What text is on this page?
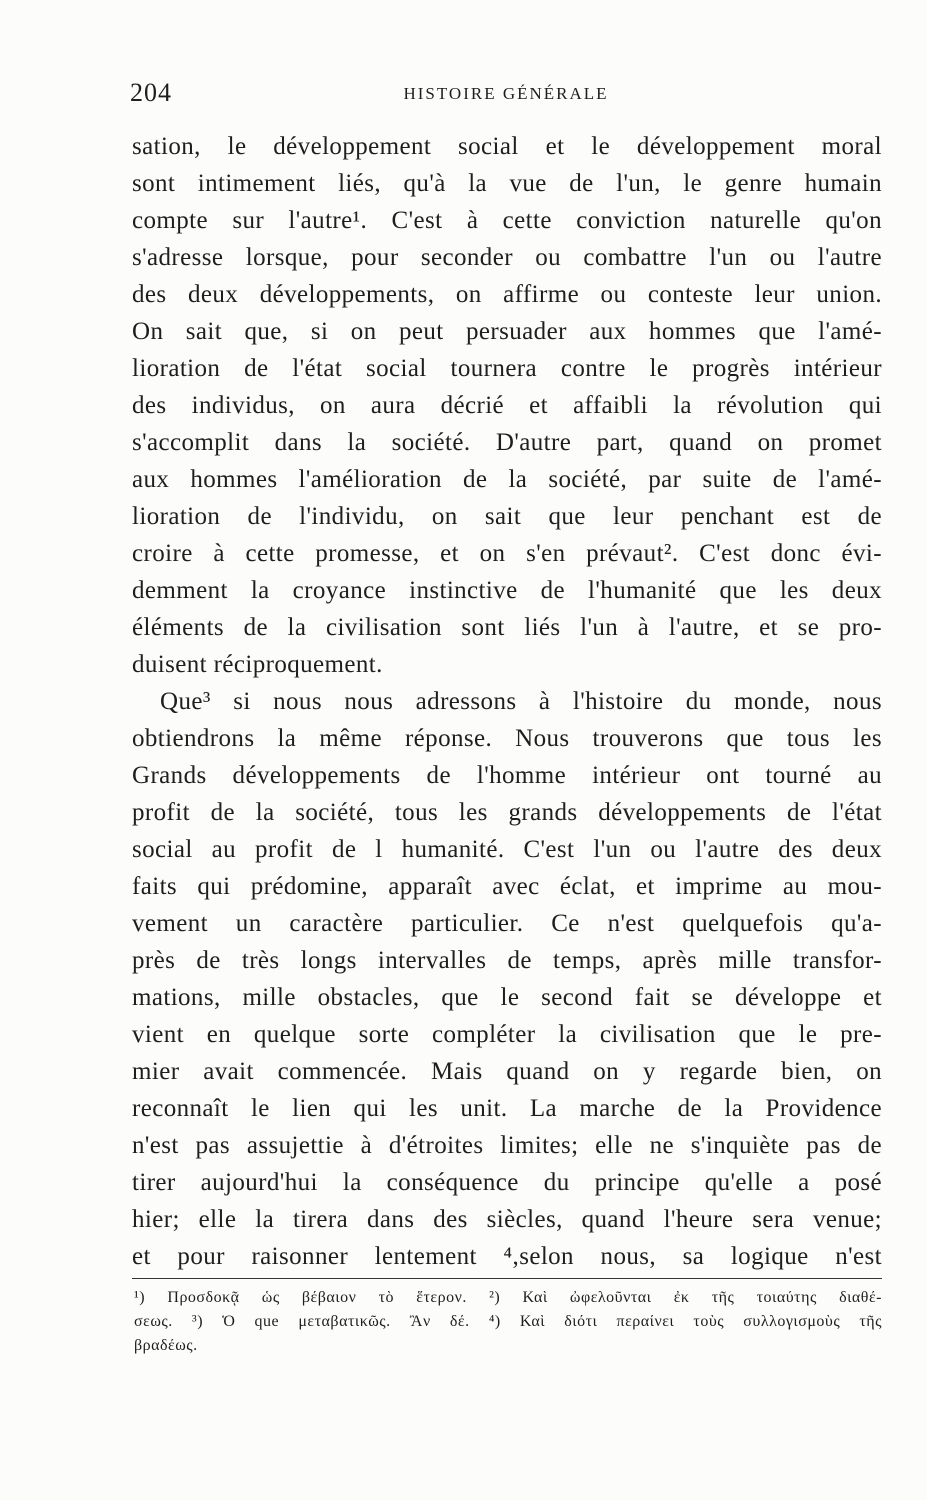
204	HISTOIRE GÉNÉRALE
sation, le développement social et le développement moral
sont intimement liés, qu'à la vue de l'un, le genre humain
compte sur l'autre¹. C'est à cette conviction naturelle qu'on
s'adresse lorsque, pour seconder ou combattre l'un ou l'autre
des deux développements, on affirme ou conteste leur union.
On sait que, si on peut persuader aux hommes que l'amé-
lioration de l'état social tournera contre le progrès intérieur
des individus, on aura décrié et affaibli la révolution qui
s'accomplit dans la société. D'autre part, quand on promet
aux hommes l'amélioration de la société, par suite de l'amé-
lioration de l'individu, on sait que leur penchant est de
croire à cette promesse, et on s'en prévaut². C'est donc évi-
demment la croyance instinctive de l'humanité que les deux
éléments de la civilisation sont liés l'un à l'autre, et se pro-
duisent réciproquement.
Que³ si nous nous adressons à l'histoire du monde, nous
obtiendrons la même réponse. Nous trouverons que tous les
Grands développements de l'homme intérieur ont tourné au
profit de la société, tous les grands développements de l'état
social au profit de l humanité. C'est l'un ou l'autre des deux
faits qui prédomine, apparaît avec éclat, et imprime au mou-
vement un caractère particulier. Ce n'est quelquefois qu'a-
près de très longs intervalles de temps, après mille transfor-
mations, mille obstacles, que le second fait se développe et
vient en quelque sorte compléter la civilisation que le pre-
mier avait commencée. Mais quand on y regarde bien, on
reconnaît le lien qui les unit. La marche de la Providence
n'est pas assujettie à d'étroites limites; elle ne s'inquiète pas de
tirer aujourd'hui la conséquence du principe qu'elle a posé
hier; elle la tirera dans des siècles, quand l'heure sera venue;
et pour raisonner lentement ⁴,selon nous, sa logique n'est
¹) Προσδοκᾷ ὡς βέβαιον τὸ ἕτερον. ²) Καὶ ὠφελοῦνται ἐκ τῆς τοιαύτης διαθέ-
σεως. ³) Ὁ que μεταβατικῶς. Ἂν δέ. ⁴) Καὶ διότι περαίνει τοὺς συλλογισμοὺς τῆς
βραδέως.
